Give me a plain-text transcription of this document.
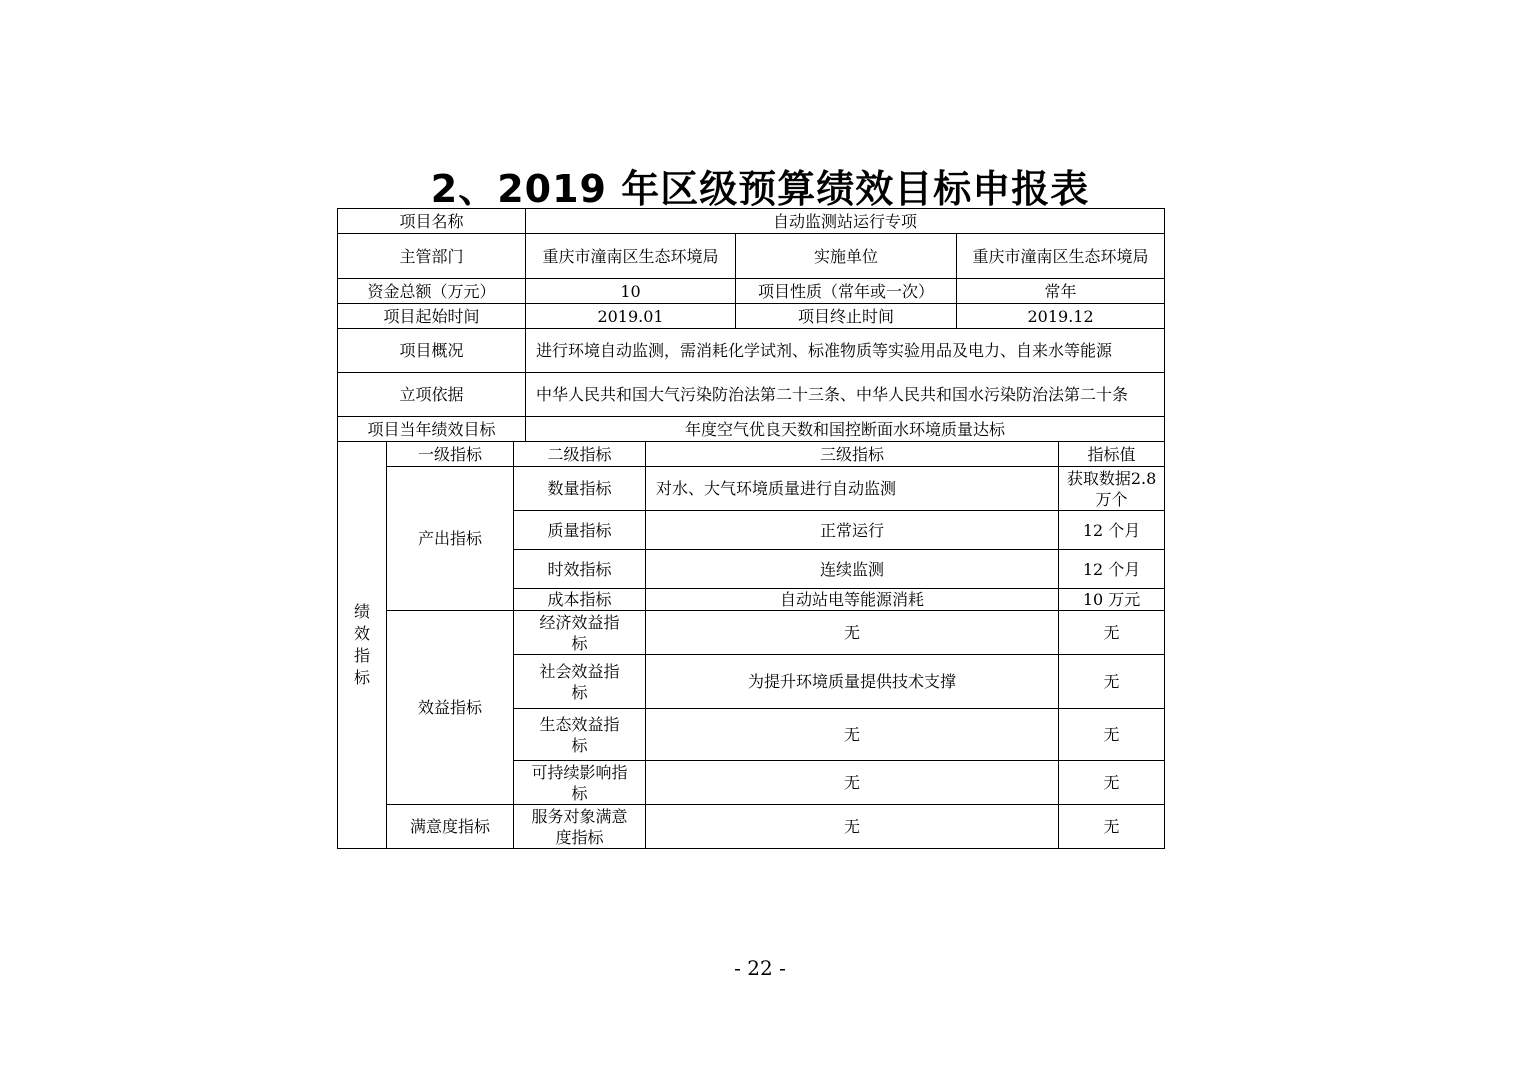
2、2019 年区级预算绩效目标申报表
项目名称			自动监测站运行专项				
主管部门			重庆市潼南区生态环境局		实施单位	重庆市潼南区生态环境局	
资金总额（万元）			10		项目性质（常年或一次）	常年	
项目起始时间			2019.01		项目终止时间	2019.12	
项目概况			进行环境自动监测，需消耗化学试剂、标准物质等实验用品及电力、自来水等能源				
立项依据			中华人民共和国大气污染防治法第二十三条、中华人民共和国水污染防治法第二十条				
项目当年绩效目标			年度空气优良天数和国控断面水环境质量达标				

绩效指标	一级指标	二级指标		三级指标			指标值
	产出指标	数量指标		对水、大气环境质量进行自动监测			获取数据2.8 万个
		质量指标		正常运行			12 个月
		时效指标		连续监测			12 个月
		成本指标		自动站电等能源消耗			10 万元
	效益指标	经济效益指标		无			无
		社会效益指标		为提升环境质量提供技术支撑			无
		生态效益指标		无			无
		可持续影响指标		无			无
	满意度指标	服务对象满意度指标		无			无
- 22 -
